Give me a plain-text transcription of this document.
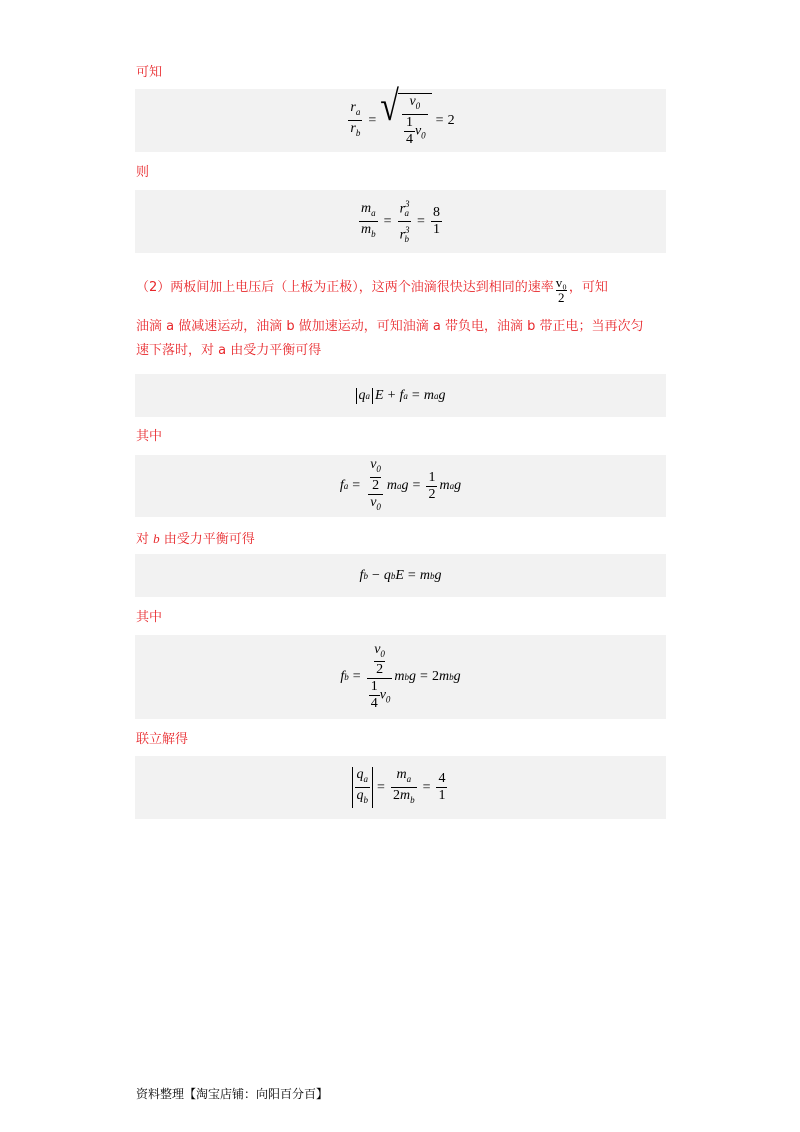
可知
$\frac{r_a}{r_b}$ = √ $\frac{v_0}{\frac{1}{4} v_0} = 2$
则
$\frac{m_a}{m_b} = \frac{r^3_a}{r^3_b} = \frac{8}{1}$
（2）两板间加上电压后（上板为正极），这两个油滴很快达到相同的速率 $\frac{\text{v₀}}{2}$ ，可知
油滴 a 做减速运动，油滴 b 做加速运动，可知油滴 a 带负电，油滴 b 带正电；当再次匀
速下落时，对 a 由受力平衡可得
q a E + f a = m a g
其中
f $a = \frac{\frac{v_0}{2}}{v_0}$ m a $g = \frac{1}{2}$ m a g
对 b 由受力平衡可得
f b − q b E = m b g
其中
f $b = \frac{\frac{v_0}{2}}{\frac{1}{4} v_0}$ m b g = 2 m b g
联立解得
$\frac{q_a}{q_b} = \frac{m_a}{2m_b} = \frac{4}{1}$
资料整理【淘宝店铺：向阳百分百】
